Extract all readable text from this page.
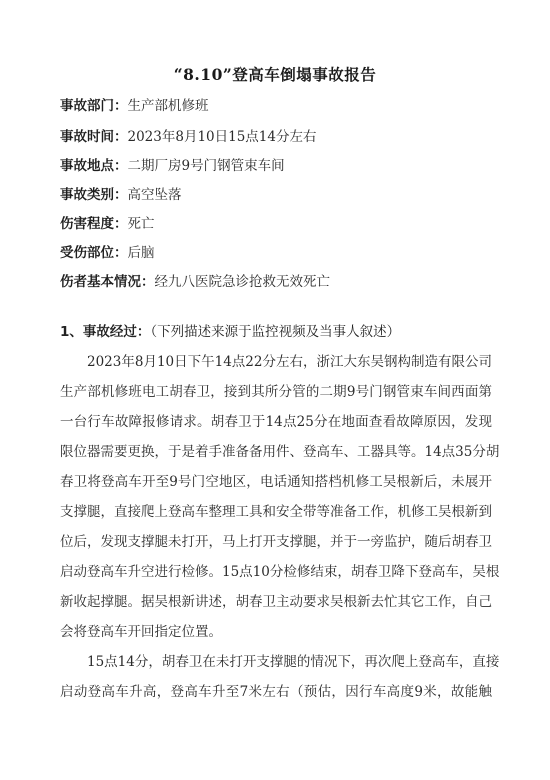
“8.10”登高车倒塌事故报告
事故部门：生产部机修班
事故时间：2023年8月10日15点14分左右
事故地点：二期厂房9号门钢管束车间
事故类别：高空坠落
伤害程度：死亡
受伤部位：后脑
伤者基本情况：经九八医院急诊抢救无效死亡
1、事故经过：（下列描述来源于监控视频及当事人叙述）
2023年8月10日下午14点22分左右，浙江大东吴钢构制造有限公司
生产部机修班电工胡春卫，接到其所分管的二期9号门钢管束车间西面第
一台行车故障报修请求。胡春卫于14点25分在地面查看故障原因，发现
限位器需要更换，于是着手准备备用件、登高车、工器具等。14点35分胡
春卫将登高车开至9号门空地区，电话通知搭档机修工吴根新后，未展开
支撑腿，直接爬上登高车整理工具和安全带等准备工作，机修工吴根新到
位后，发现支撑腿未打开，马上打开支撑腿，并于一旁监护，随后胡春卫
启动登高车升空进行检修。15点10分检修结束，胡春卫降下登高车，吴根
新收起撑腿。据吴根新讲述，胡春卫主动要求吴根新去忙其它工作，自己
会将登高车开回指定位置。
15点14分，胡春卫在未打开支撑腿的情况下，再次爬上登高车，直接
启动登高车升高，登高车升至7米左右（预估，因行车高度9米，故能触
